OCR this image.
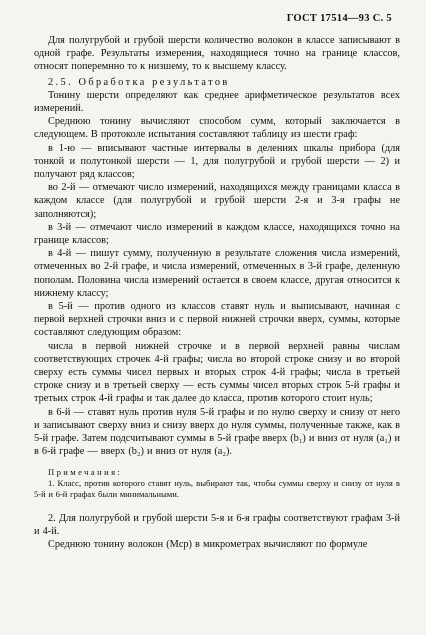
ГОСТ 17514—93 С. 5

Для полугрубой и грубой шерсти количество волокон в классе записывают в одной графе. Результаты измерения, находящиеся точно на границе классов, относят поперемнно то к низшему, то к высшему классу.

2.5. Обработка результатов

Тонину шерсти определяют как среднее арифметическое результатов всех измерений.

Среднюю тонину вычисляют способом сумм, который заключается в следующем. В протоколе испытания составляют таблицу из шести граф:

в 1-ю — вписывают частные интервалы в делениях шкалы прибора (для тонкой и полутонкой шерсти — 1, для полугрубой и грубой шерсти — 2) и получают ряд классов;

во 2-й — отмечают число измерений, находящихся между границами класса в каждом классе (для полугрубой и грубой шерсти 2-я и 3-я графы не заполняются);

в 3-й — отмечают число измерений в каждом классе, находящихся точно на границе классов;

в 4-й — пишут сумму, полученную в результате сложения числа измерений, отмеченных во 2-й графе, и числа измерений, отмеченных в 3-й графе, деленную пополам. Половина числа измерений остается в своем классе, другая относится к нижнему классу;

в 5-й — против одного из классов ставят нуль и выписывают, начиная с первой верхней строчки вниз и с первой нижней строчки вверх, суммы, которые составляют следующим образом:

числа в первой нижней строчке и в первой верхней равны числам соответствующих строчек 4-й графы; числа во второй строке снизу и во второй сверху есть суммы чисел первых и вторых строк 4-й графы; числа в третьей строке снизу и в третьей сверху — есть суммы чисел вторых строк 5-й графы и третьих строк 4-й графы и так далее до класса, против которого стоит нуль;

в 6-й — ставят нуль против нуля 5-й графы и по нулю сверху и снизу от него и записывают сверху вниз и снизу вверх до нуля суммы, полученные также, как в 5-й графе. Затем подсчитывают суммы в 5-й графе вверх (b₁) и вниз от нуля (a₁) и в 6-й графе — вверх (b₂) и вниз от нуля (a₂).

Примечания:

1. Класс, против которого ставят нуль, выбирают так, чтобы суммы сверху и снизу от нуля в 5-й и 6-й графах были минимальными.

2. Для полугрубой и грубой шерсти 5-я и 6-я графы соответствуют графам 3-й и 4-й.

Среднюю тонину волокон (Мср) в микрометрах вычисляют по формуле
